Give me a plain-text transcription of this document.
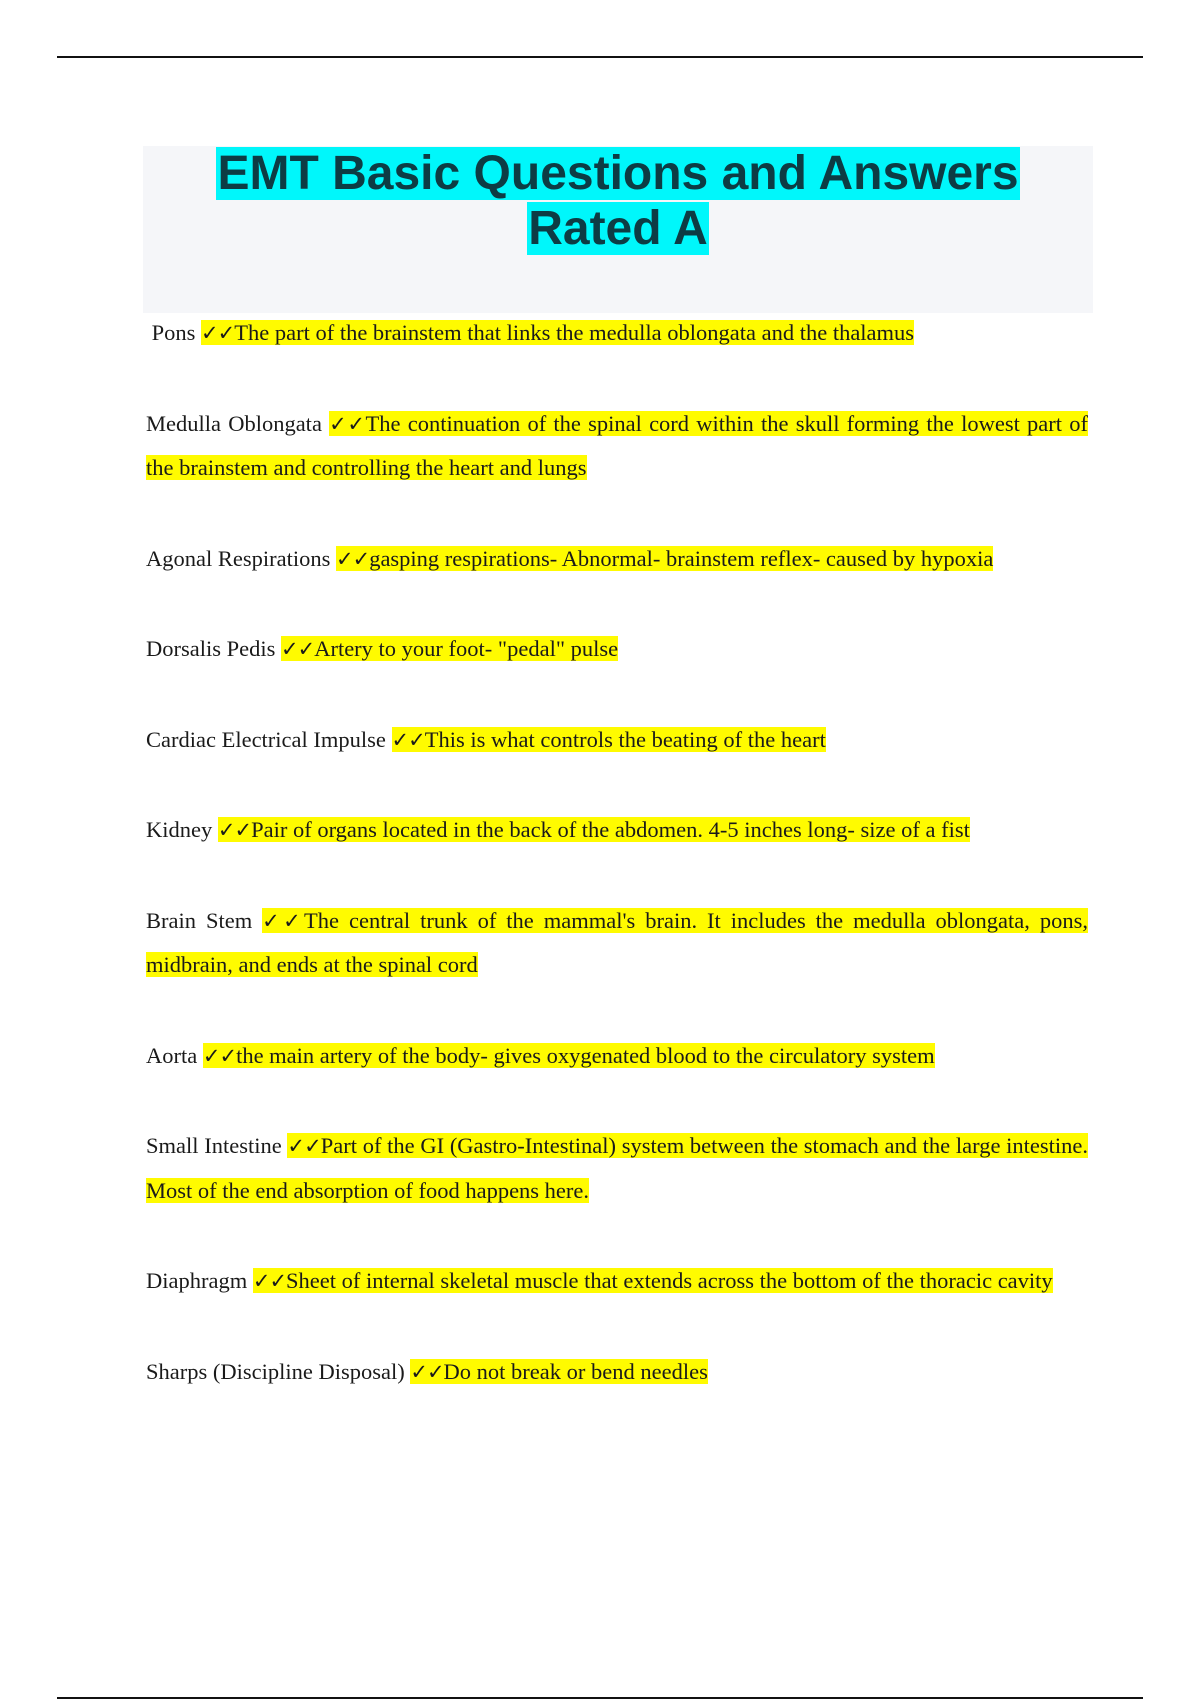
EMT Basic Questions and Answers
Rated A

Pons ✓✓The part of the brainstem that links the medulla oblongata and the thalamus

Medulla Oblongata ✓✓The continuation of the spinal cord within the skull forming the lowest part of the brainstem and controlling the heart and lungs

Agonal Respirations ✓✓gasping respirations- Abnormal- brainstem reflex- caused by hypoxia

Dorsalis Pedis ✓✓Artery to your foot- "pedal" pulse

Cardiac Electrical Impulse ✓✓This is what controls the beating of the heart

Kidney ✓✓Pair of organs located in the back of the abdomen. 4-5 inches long- size of a fist

Brain Stem ✓✓The central trunk of the mammal's brain. It includes the medulla oblongata, pons, midbrain, and ends at the spinal cord

Aorta ✓✓the main artery of the body- gives oxygenated blood to the circulatory system

Small Intestine ✓✓Part of the GI (Gastro-Intestinal) system between the stomach and the large intestine. Most of the end absorption of food happens here.

Diaphragm ✓✓Sheet of internal skeletal muscle that extends across the bottom of the thoracic cavity

Sharps (Discipline Disposal) ✓✓Do not break or bend needles
